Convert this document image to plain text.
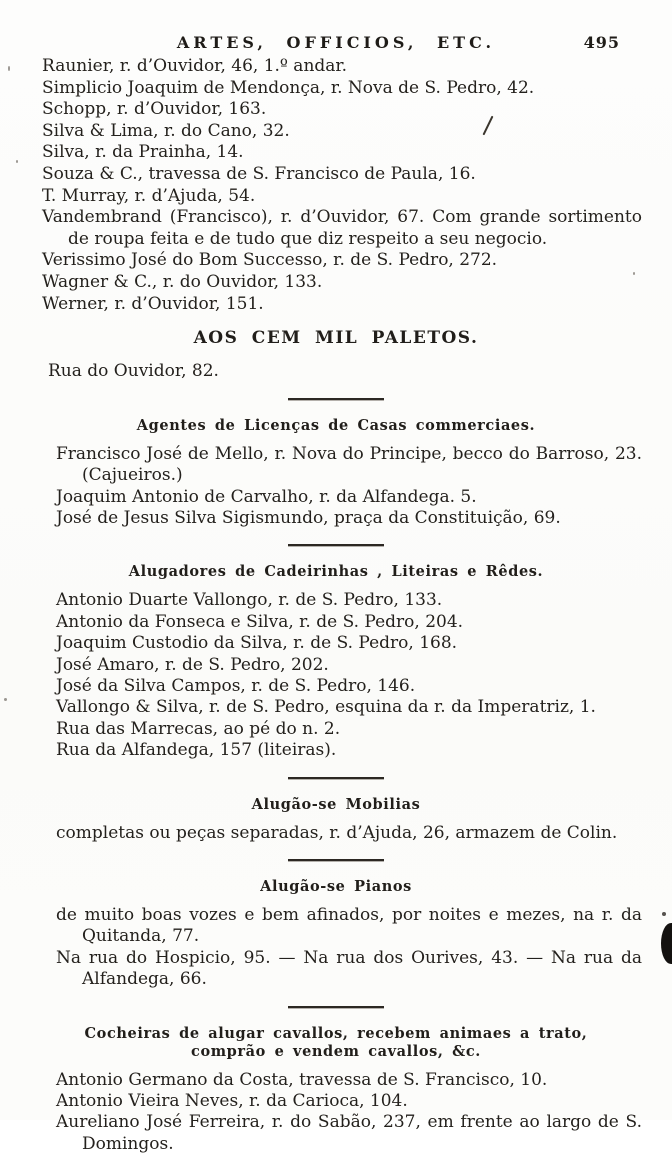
ARTES, OFFICIOS, ETC.	495
Raunier, r. d’Ouvidor, 46, 1.º andar.
Simplicio Joaquim de Mendonça, r. Nova de S. Pedro, 42.
Schopp, r. d’Ouvidor, 163.
Silva & Lima, r. do Cano, 32.
Silva, r. da Prainha, 14.
Souza & C., travessa de S. Francisco de Paula, 16.
T. Murray, r. d’Ajuda, 54.
Vandembrand (Francisco), r. d’Ouvidor, 67. Com grande sortimento de roupa feita e de tudo que diz respeito a seu negocio.
Verissimo José do Bom Successo, r. de S. Pedro, 272.
Wagner & C., r. do Ouvidor, 133.
Werner, r. d’Ouvidor, 151.
AOS CEM MIL PALETOS.

Rua do Ouvidor, 82.

Agentes de Licenças de Casas commerciaes.

Francisco José de Mello, r. Nova do Principe, becco do Barroso, 23. (Cajueiros.)

Joaquim Antonio de Carvalho, r. da Alfandega. 5.

José de Jesus Silva Sigismundo, praça da Constituição, 69.

Alugadores de Cadeirinhas , Liteiras e Rêdes.

Antonio Duarte Vallongo, r. de S. Pedro, 133.

Antonio da Fonseca e Silva, r. de S. Pedro, 204.

Joaquim Custodio da Silva, r. de S. Pedro, 168.

José Amaro, r. de S. Pedro, 202.

José da Silva Campos, r. de S. Pedro, 146.

Vallongo & Silva, r. de S. Pedro, esquina da r. da Imperatriz, 1.

Rua das Marrecas, ao pé do n. 2.

Rua da Alfandega, 157 (liteiras).

Alugão-se Mobilias

completas ou peças separadas, r. d’Ajuda, 26, armazem de Colin.

Alugão-se Pianos

de muito boas vozes e bem afinados, por noites e mezes, na r. da Quitanda, 77.

Na rua do Hospicio, 95. — Na rua dos Ourives, 43. — Na rua da Alfandega, 66.

Cocheiras de alugar cavallos, recebem animaes a trato, comprão e vendem cavallos, &c.

Antonio Germano da Costa, travessa de S. Francisco, 10.

Antonio Vieira Neves, r. da Carioca, 104.

Aureliano José Ferreira, r. do Sabão, 237, em frente ao largo de S. Domingos.
